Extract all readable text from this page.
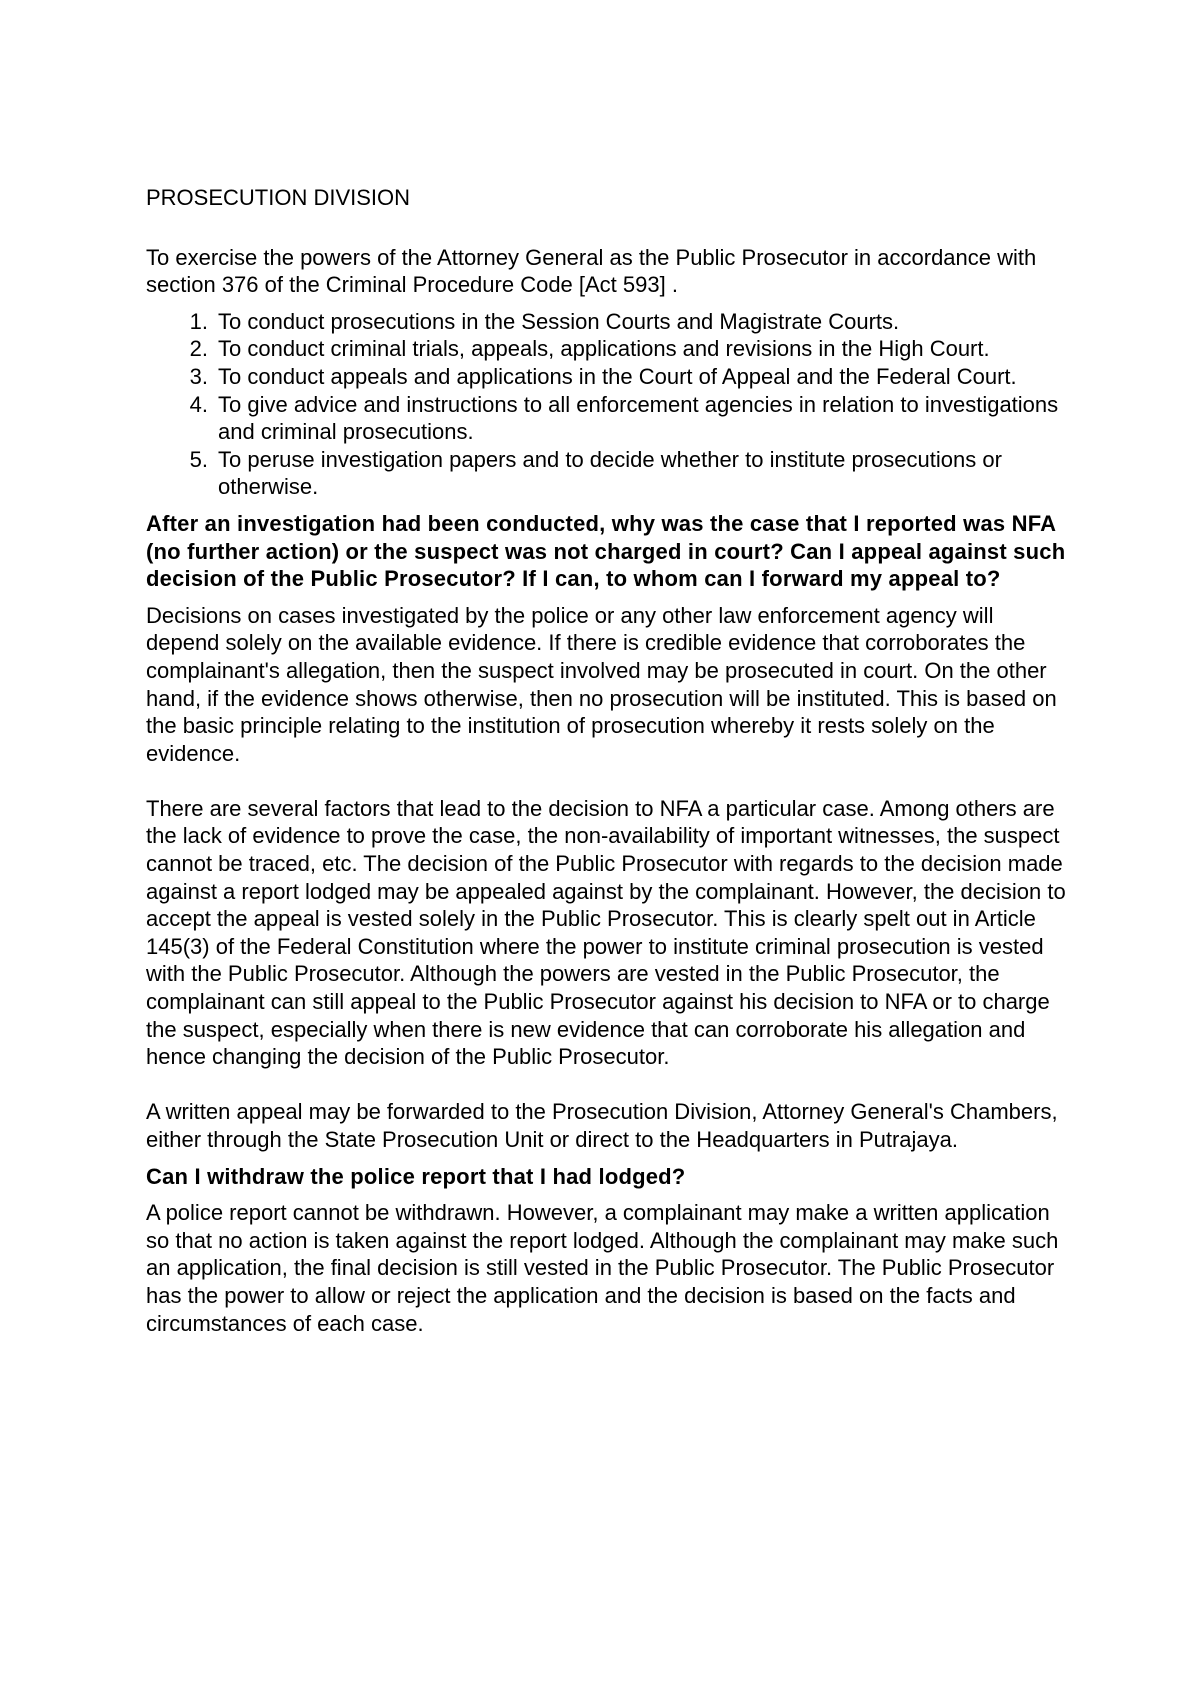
PROSECUTION DIVISION

To exercise the powers of the Attorney General as the Public Prosecutor in accordance with section 376 of the Criminal Procedure Code [Act 593] .

1. To conduct prosecutions in the Session Courts and Magistrate Courts.
2. To conduct criminal trials, appeals, applications and revisions in the High Court.
3. To conduct appeals and applications in the Court of Appeal and the Federal Court.
4. To give advice and instructions to all enforcement agencies in relation to investigations and criminal prosecutions.
5. To peruse investigation papers and to decide whether to institute prosecutions or otherwise.

After an investigation had been conducted, why was the case that I reported was NFA (no further action) or the suspect was not charged in court? Can I appeal against such decision of the Public Prosecutor? If I can, to whom can I forward my appeal to?

Decisions on cases investigated by the police or any other law enforcement agency will depend solely on the available evidence. If there is credible evidence that corroborates the complainant's allegation, then the suspect involved may be prosecuted in court. On the other hand, if the evidence shows otherwise, then no prosecution will be instituted. This is based on the basic principle relating to the institution of prosecution whereby it rests solely on the evidence.

There are several factors that lead to the decision to NFA a particular case. Among others are the lack of evidence to prove the case, the non-availability of important witnesses, the suspect cannot be traced, etc. The decision of the Public Prosecutor with regards to the decision made against a report lodged may be appealed against by the complainant. However, the decision to accept the appeal is vested solely in the Public Prosecutor. This is clearly spelt out in Article 145(3) of the Federal Constitution where the power to institute criminal prosecution is vested with the Public Prosecutor. Although the powers are vested in the Public Prosecutor, the complainant can still appeal to the Public Prosecutor against his decision to NFA or to charge the suspect, especially when there is new evidence that can corroborate his allegation and hence changing the decision of the Public Prosecutor.

A written appeal may be forwarded to the Prosecution Division, Attorney General's Chambers, either through the State Prosecution Unit or direct to the Headquarters in Putrajaya.

Can I withdraw the police report that I had lodged?

A police report cannot be withdrawn. However, a complainant may make a written application so that no action is taken against the report lodged. Although the complainant may make such an application, the final decision is still vested in the Public Prosecutor. The Public Prosecutor has the power to allow or reject the application and the decision is based on the facts and circumstances of each case.
